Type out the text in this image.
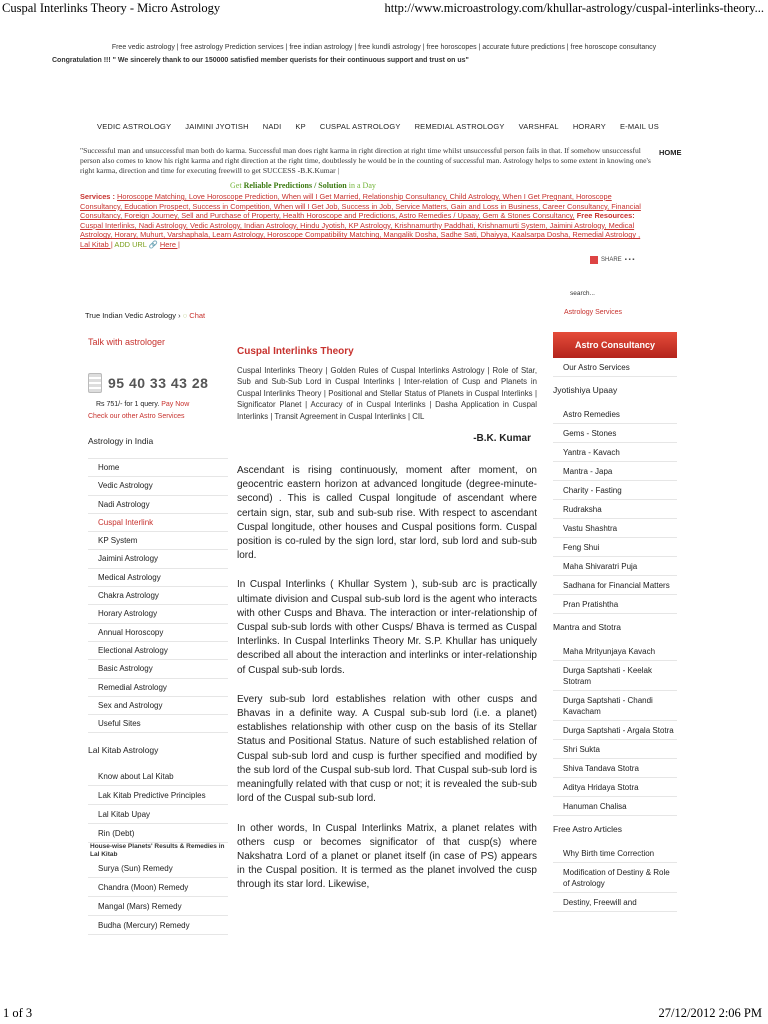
Cuspal Interlinks Theory - Micro Astrology	http://www.microastrology.com/khullar-astrology/cuspal-interlinks-theory...
1 of 3	27/12/2012 2:06 PM
Free vedic astrology | free astrology Prediction services | free indian astrology | free kundli astrology | free horoscopes | accurate future predictions | free horoscope consultancy
Congratulation !!! " We sincerely thank to our 150000 satisfied member querists for their continuous support and trust on us"
VEDIC ASTROLOGY JAIMINI JYOTISH NADI KP CUSPAL ASTROLOGY REMEDIAL ASTROLOGY VARSHFAL HORARY E-MAIL US
"Successful man and unsuccessful man both do karma. Successful man does right karma in right direction at right time whilst unsuccessful person fails in that. If somehow unsuccessful person also comes to know his right karma and right direction at the right time, doubtlessly he would be in the counting of successful man. Astrology helps to some extent in knowing one's right karma, direction and time for executing freewill to get SUCCESS -B.K.Kumar |
HOME
Get Reliable Predictions / Solution in a Day
Services : Horoscope Matching, Love Horoscope Prediction, When will I Get Married, Relationship Consultancy, Child Astrology, When I Get Pregnant, Horoscope Consultancy, Education Prospect, Success in Competition, When will I Get Job, Success in Job, Service Matters, Gain and Loss in Business, Career Consultancy, Financial Consultancy, Foreign Journey, Sell and Purchase of Property, Health Horoscope and Predictions, Astro Remedies / Upaay, Gem & Stones Consultancy, Free Resources: Cuspal Interlinks, Nadi Astrology, Vedic Astrology, Indian Astrology, Hindu Jyotish, KP Astrology, Krishnamurthy Paddhati, Krishnamurti System, Jaimini Astrology, Medical Astrology, Horary, Muhurt, Varshaphala, Learn Astrology, Horoscope Compatibility Matching, Mangalik Dosha, Sadhe Sati, Dhaiyya, Kaalsarpa Dosha, Remedial Astrology , Lal Kitab | ADD URL 🔗 Here |
SHARE ▪ ▪ ▪
search...
Astrology Services
True Indian Vedic Astrology › ◌ Chat
Talk with astrologer
95 40 33 43 28
Rs 751/- for 1 query. Pay Now
Check our other Astro Services
Astrology in India
Home
Vedic Astrology
Nadi Astrology
Cuspal Interlink
KP System
Jaimini Astrology
Medical Astrology
Chakra Astrology
Horary Astrology
Annual Horoscopy
Electional Astrology
Basic Astrology
Remedial Astrology
Sex and Astrology
Useful Sites
Lal Kitab Astrology
Know about Lal Kitab
Lak Kitab Predictive Principles
Lal Kitab Upay
Rin (Debt)
House-wise Planets' Results & Remedies in Lal Kitab
Surya (Sun) Remedy
Chandra (Moon) Remedy
Mangal (Mars) Remedy
Budha (Mercury) Remedy
Cuspal Interlinks Theory
Cuspal Interlinks Theory | Golden Rules of Cuspal Interlinks Astrology | Role of Star, Sub and Sub-Sub Lord in Cuspal Interlinks | Inter-relation of Cusp and Planets in Cuspal Interlinks Theory | Positional and Stellar Status of Planets in Cuspal Interlinks | Significator Planet | Accuracy of in Cuspal Interlinks | Dasha Application in Cuspal Interlinks | Transit Agreement in Cuspal Interlinks | CIL
-B.K. Kumar

Ascendant is rising continuously, moment after moment, on geocentric eastern horizon at advanced longitude (degree-minute-second) . This is called Cuspal longitude of ascendant where certain sign, star, sub and sub-sub rise. With respect to ascendant Cuspal longitude, other houses and Cuspal positions form. Cuspal position is co-ruled by the sign lord, star lord, sub lord and sub-sub lord.

In Cuspal Interlinks ( Khullar System ), sub-sub arc is practically ultimate division and Cuspal sub-sub lord is the agent who interacts with other Cusps and Bhava. The interaction or inter-relationship of Cuspal sub-sub lords with other Cusps/ Bhava is termed as Cuspal Interlinks. In Cuspal Interlinks Theory Mr. S.P. Khullar has uniquely described all about the interaction and interlinks or inter-relationship of Cuspal sub-sub lords.

Every sub-sub lord establishes relation with other cusps and Bhavas in a definite way. A Cuspal sub-sub lord (i.e. a planet) establishes relationship with other cusp on the basis of its Stellar Status and Positional Status. Nature of such established relation of Cuspal sub-sub lord and cusp is further specified and modified by the sub lord of the Cuspal sub-sub lord. That Cuspal sub-sub lord is meaningfully related with that cusp or not; it is revealed the sub-sub lord of the Cuspal sub-sub lord.

In other words, In Cuspal Interlinks Matrix, a planet relates with others cusp or becomes significator of that cusp(s) where Nakshatra Lord of a planet or planet itself (in case of PS) appears in the Cuspal position. It is termed as the planet involved the cusp through its star lord. Likewise,

Astro Consultancy
Our Astro Services
Jyotishiya Upaay
Astro Remedies
Gems - Stones
Yantra - Kavach
Mantra - Japa
Charity - Fasting
Rudraksha
Vastu Shashtra
Feng Shui
Maha Shivaratri Puja
Sadhana for Financial Matters
Pran Pratishtha
Mantra and Stotra
Maha Mrityunjaya Kavach
Durga Saptshati - Keelak Stotram
Durga Saptshati - Chandi Kavacham
Durga Saptshati - Argala Stotra
Shri Sukta
Shiva Tandava Stotra
Aditya Hridaya Stotra
Hanuman Chalisa
Free Astro Articles
Why Birth time Correction
Modification of Destiny & Role of Astrology
Destiny, Freewill and
